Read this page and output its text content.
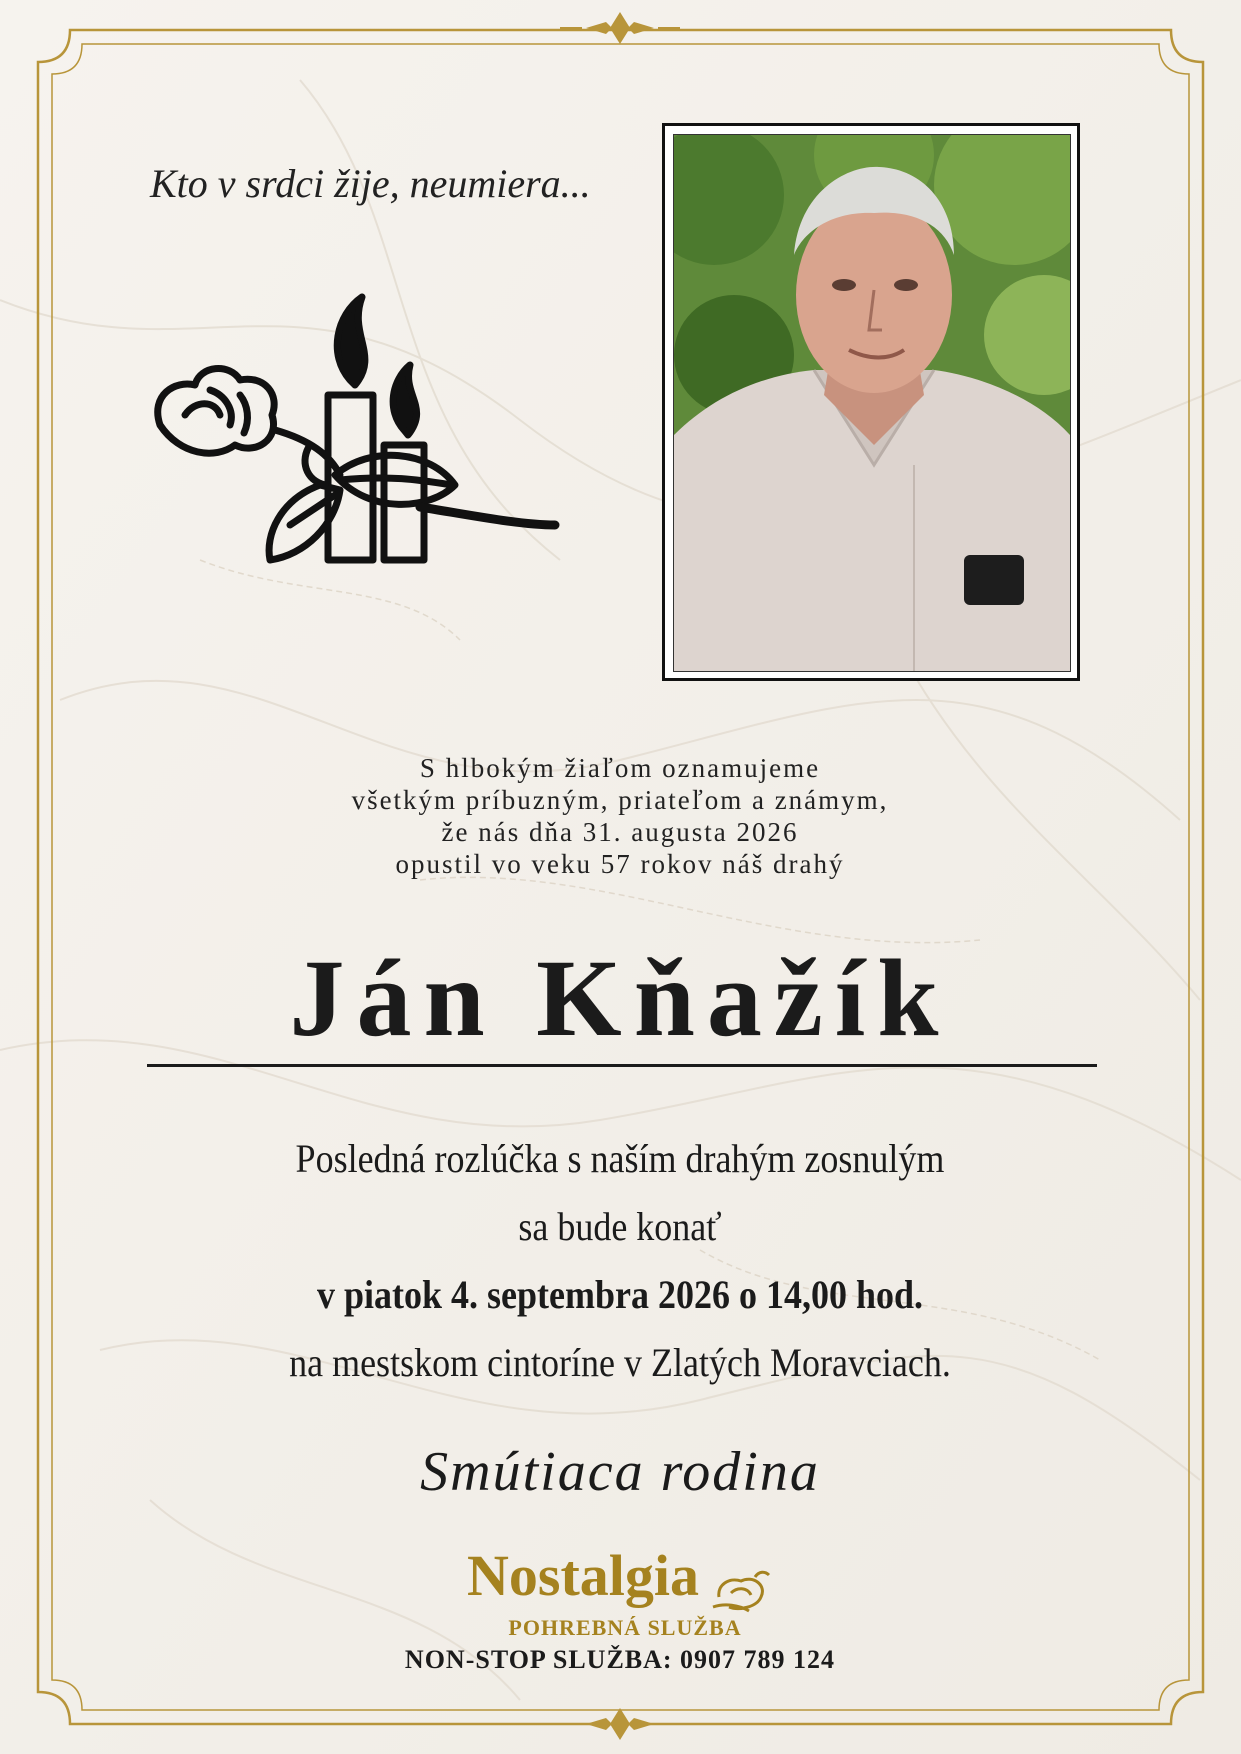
Kto v srdci žije, neumiera...
S hlbokým žiaľom oznamujeme
všetkým príbuzným, priateľom a známym,
že nás dňa 31. augusta 2026
opustil vo veku 57 rokov náš drahý
Ján Kňažík
Posledná rozlúčka s naším drahým zosnulým
sa bude konať
v piatok 4. septembra 2026 o 14,00 hod.
na mestskom cintoríne v Zlatých Moravciach.
Smútiaca rodina
Nostalgia
POHREBNÁ SLUŽBA
NON-STOP SLUŽBA: 0907 789 124
